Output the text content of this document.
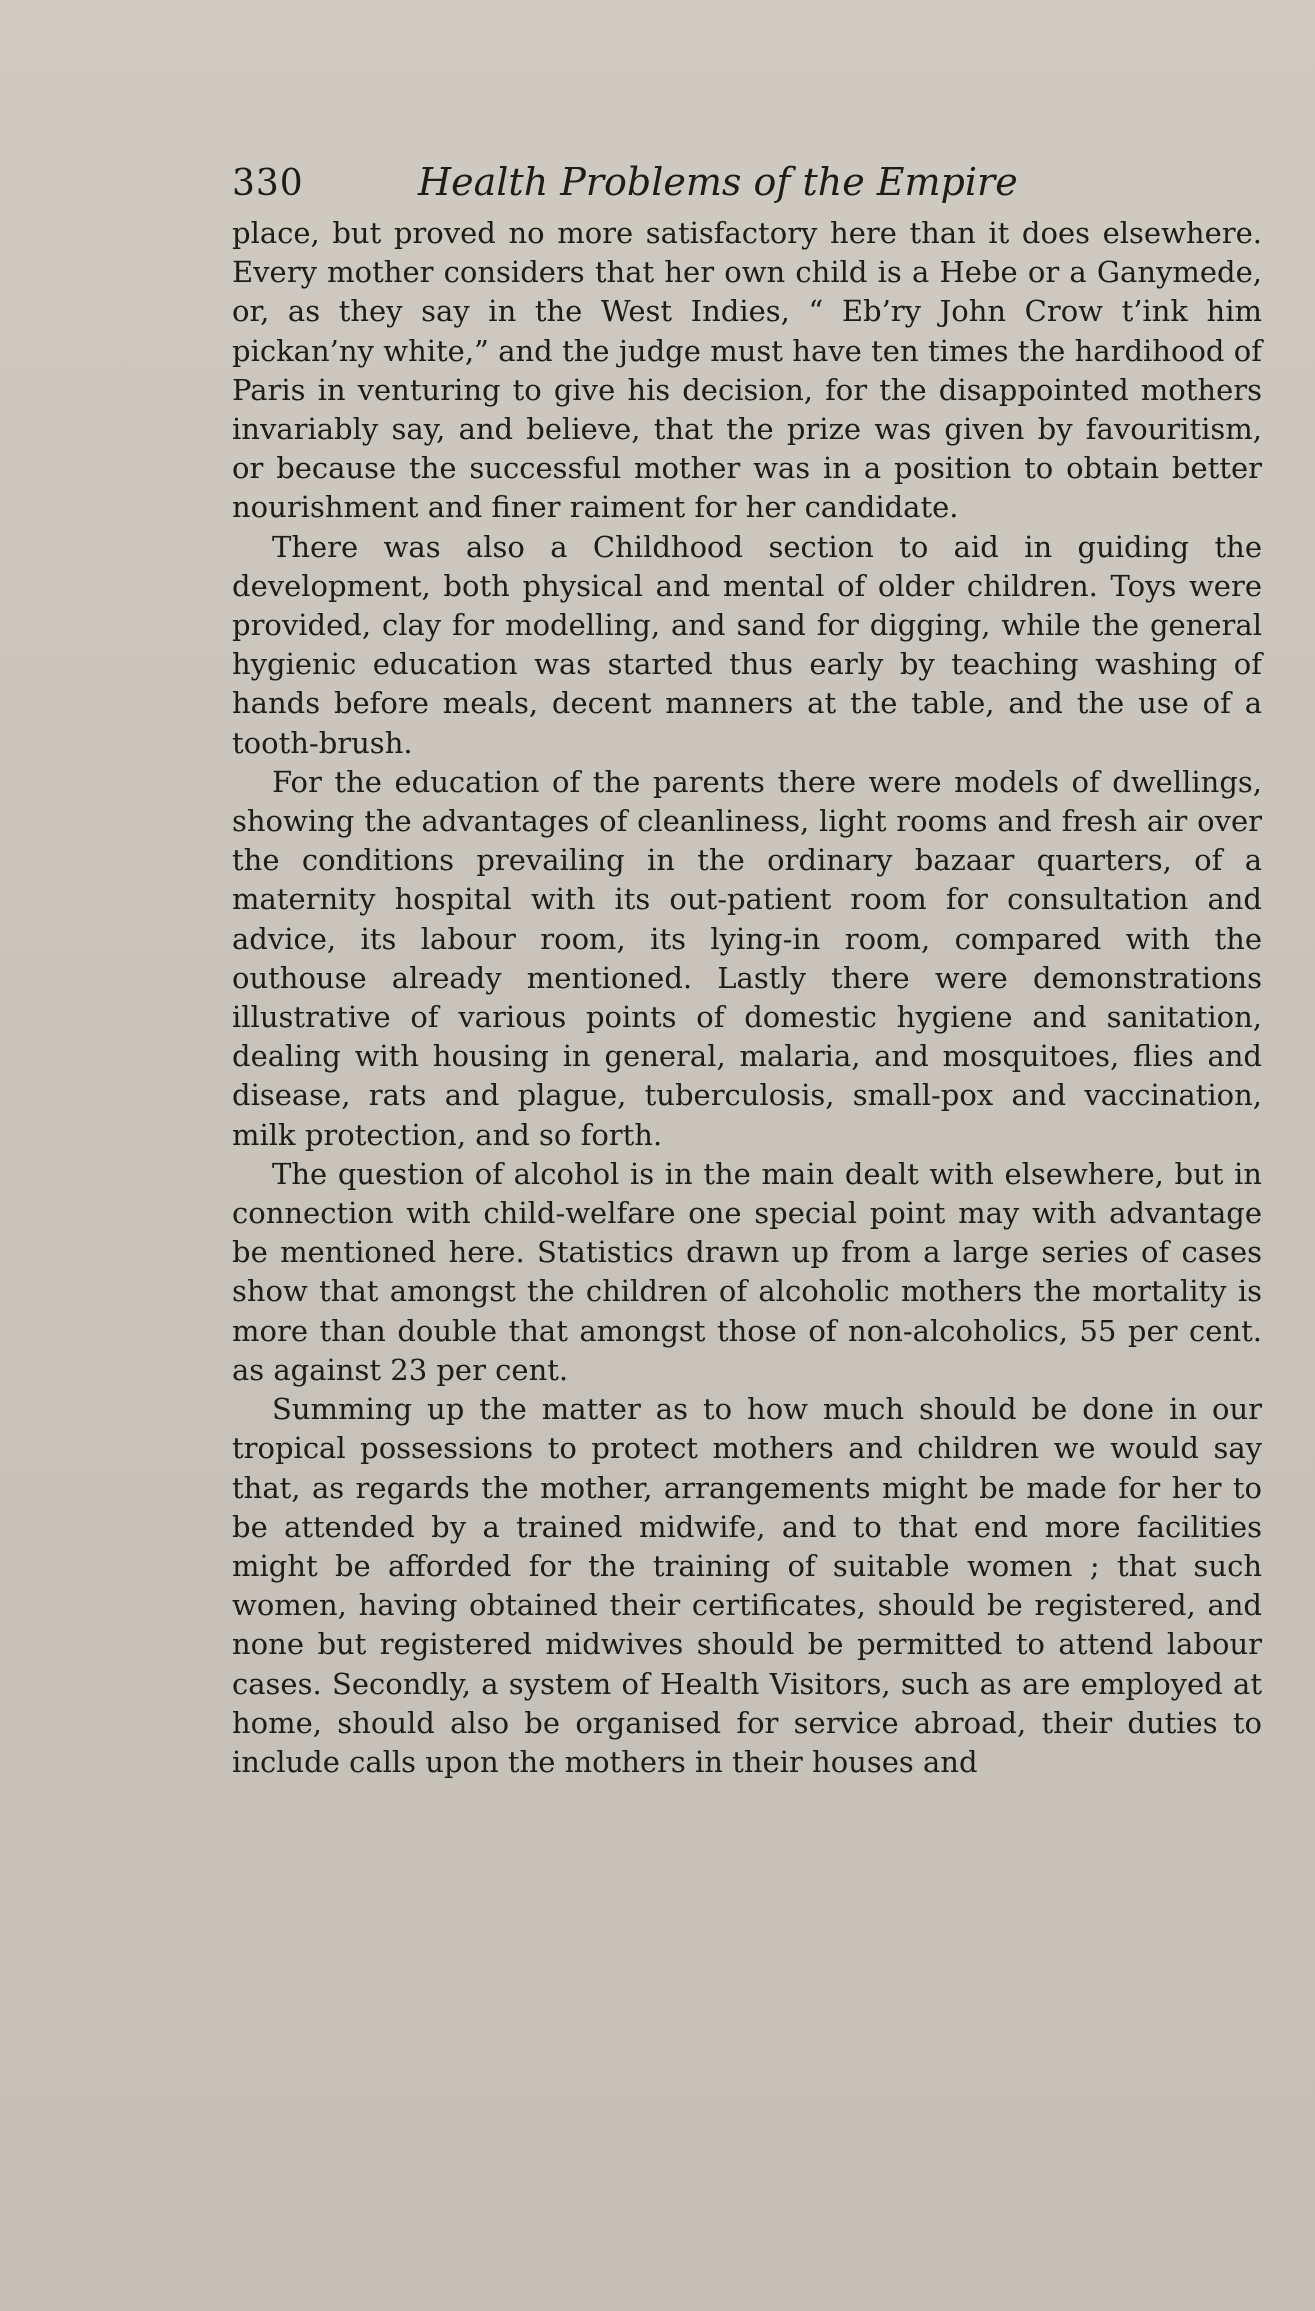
330	Health Problems of the Empire

place, but proved no more satisfactory here than it does elsewhere. Every mother considers that her own child is a Hebe or a Ganymede, or, as they say in the West Indies, “ Eb’ry John Crow t’ink him pickan’ny white,” and the judge must have ten times the hardihood of Paris in venturing to give his decision, for the disappointed mothers invariably say, and believe, that the prize was given by favouritism, or because the successful mother was in a position to obtain better nourishment and finer raiment for her candidate.

There was also a Childhood section to aid in guiding the development, both physical and mental of older children. Toys were provided, clay for modelling, and sand for digging, while the general hygienic education was started thus early by teaching washing of hands before meals, decent manners at the table, and the use of a tooth-brush.

For the education of the parents there were models of dwellings, showing the advantages of cleanliness, light rooms and fresh air over the conditions prevailing in the ordinary bazaar quarters, of a maternity hospital with its out-patient room for consultation and advice, its labour room, its lying-in room, compared with the outhouse already mentioned. Lastly there were demonstrations illustrative of various points of domestic hygiene and sanitation, dealing with housing in general, malaria, and mosquitoes, flies and disease, rats and plague, tuberculosis, small-pox and vaccination, milk protection, and so forth.

The question of alcohol is in the main dealt with elsewhere, but in connection with child-welfare one special point may with advantage be mentioned here. Statistics drawn up from a large series of cases show that amongst the children of alcoholic mothers the mortality is more than double that amongst those of non-alcoholics, 55 per cent. as against 23 per cent.

Summing up the matter as to how much should be done in our tropical possessions to protect mothers and children we would say that, as regards the mother, arrangements might be made for her to be attended by a trained midwife, and to that end more facilities might be afforded for the training of suitable women ; that such women, having obtained their certificates, should be registered, and none but registered midwives should be permitted to attend labour cases. Secondly, a system of Health Visitors, such as are employed at home, should also be organised for service abroad, their duties to include calls upon the mothers in their houses and
